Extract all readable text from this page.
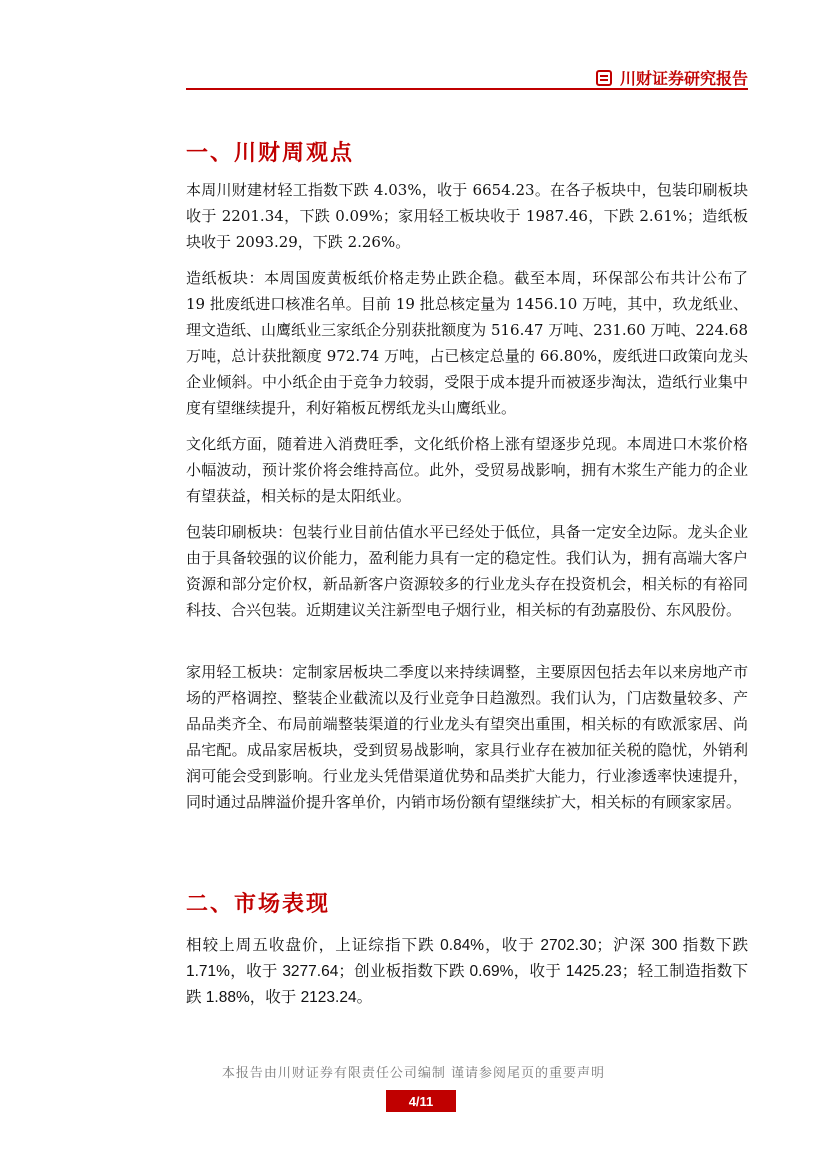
川财证券研究报告
一、川财周观点

本周川财建材轻工指数下跌 4.03%，收于 6654.23。在各子板块中，包装印刷板块收于 2201.34，下跌 0.09%；家用轻工板块收于 1987.46，下跌 2.61%；造纸板块收于 2093.29，下跌 2.26%。

造纸板块：本周国废黄板纸价格走势止跌企稳。截至本周，环保部公布共计公布了 19 批废纸进口核准名单。目前 19 批总核定量为 1456.10 万吨，其中，玖龙纸业、理文造纸、山鹰纸业三家纸企分别获批额度为 516.47 万吨、231.60 万吨、224.68 万吨，总计获批额度 972.74 万吨，占已核定总量的 66.80%，废纸进口政策向龙头企业倾斜。中小纸企由于竞争力较弱，受限于成本提升而被逐步淘汰，造纸行业集中度有望继续提升，利好箱板瓦楞纸龙头山鹰纸业。

文化纸方面，随着进入消费旺季，文化纸价格上涨有望逐步兑现。本周进口木浆价格小幅波动，预计浆价将会维持高位。此外，受贸易战影响，拥有木浆生产能力的企业有望获益，相关标的是太阳纸业。

包装印刷板块：包装行业目前估值水平已经处于低位，具备一定安全边际。龙头企业由于具备较强的议价能力，盈利能力具有一定的稳定性。我们认为，拥有高端大客户资源和部分定价权，新品新客户资源较多的行业龙头存在投资机会，相关标的有裕同科技、合兴包装。近期建议关注新型电子烟行业，相关标的有劲嘉股份、东风股份。

家用轻工板块：定制家居板块二季度以来持续调整，主要原因包括去年以来房地产市场的严格调控、整装企业截流以及行业竞争日趋激烈。我们认为，门店数量较多、产品品类齐全、布局前端整装渠道的行业龙头有望突出重围，相关标的有欧派家居、尚品宅配。成品家居板块，受到贸易战影响，家具行业存在被加征关税的隐忧，外销利润可能会受到影响。行业龙头凭借渠道优势和品类扩大能力，行业渗透率快速提升，同时通过品牌溢价提升客单价，内销市场份额有望继续扩大，相关标的有顾家家居。

二、市场表现

相较上周五收盘价，上证综指下跌 0.84%，收于 2702.30；沪深 300 指数下跌 1.71%，收于 3277.64；创业板指数下跌 0.69%，收于 1425.23；轻工制造指数下跌 1.88%，收于 2123.24。

本报告由川财证券有限责任公司编制 谨请参阅尾页的重要声明
4/11
